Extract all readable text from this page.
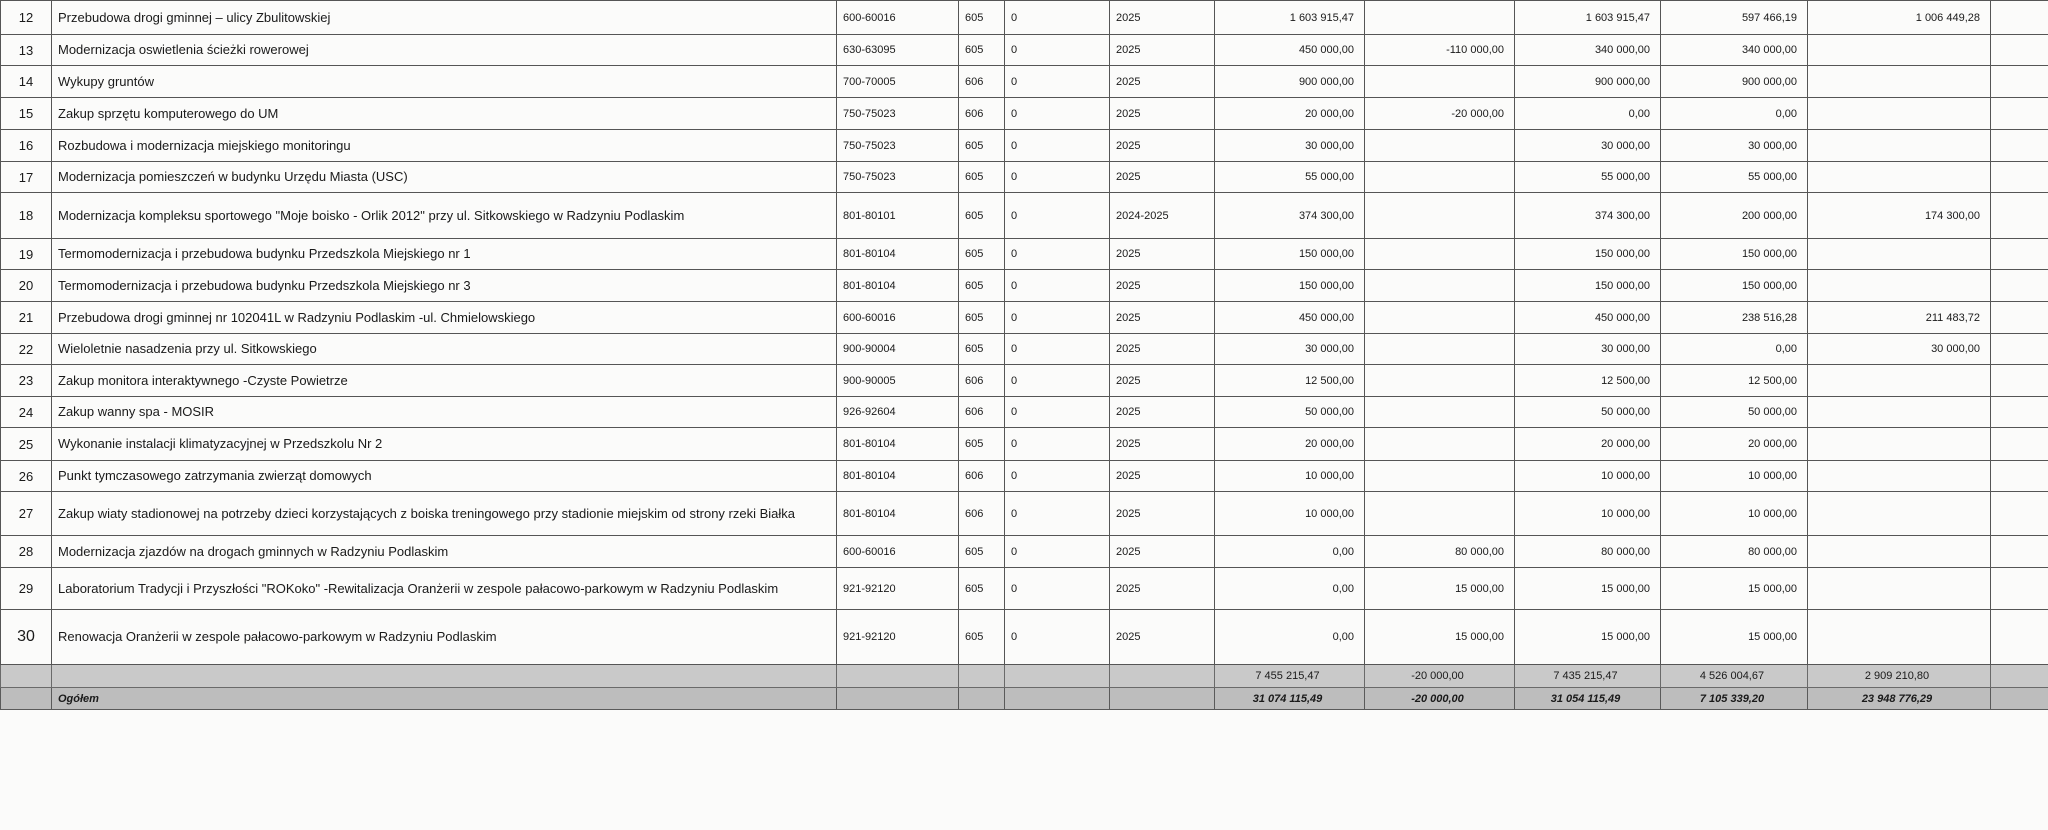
12	Przebudowa drogi gminnej – ulicy Zbulitowskiej	600-60016	605	0	2025	1 603 915,47		1 603 915,47	597 466,19	1 006 449,28	
13	Modernizacja oswietlenia ścieżki rowerowej	630-63095	605	0	2025	450 000,00	-110 000,00	340 000,00	340 000,00		
14	Wykupy gruntów	700-70005	606	0	2025	900 000,00		900 000,00	900 000,00		
15	Zakup sprzętu komputerowego do UM	750-75023	606	0	2025	20 000,00	-20 000,00	0,00	0,00		
16	Rozbudowa i modernizacja miejskiego monitoringu	750-75023	605	0	2025	30 000,00		30 000,00	30 000,00		
17	Modernizacja pomieszczeń w budynku Urzędu Miasta (USC)	750-75023	605	0	2025	55 000,00		55 000,00	55 000,00		
18	Modernizacja kompleksu sportowego "Moje boisko - Orlik 2012" przy ul. Sitkowskiego w Radzyniu Podlaskim	801-80101	605	0	2024-2025	374 300,00		374 300,00	200 000,00	174 300,00	
19	Termomodernizacja i przebudowa budynku Przedszkola Miejskiego nr 1	801-80104	605	0	2025	150 000,00		150 000,00	150 000,00		
20	Termomodernizacja i przebudowa budynku Przedszkola Miejskiego nr 3	801-80104	605	0	2025	150 000,00		150 000,00	150 000,00		
21	Przebudowa drogi gminnej nr 102041L w Radzyniu Podlaskim -ul. Chmielowskiego	600-60016	605	0	2025	450 000,00		450 000,00	238 516,28	211 483,72	
22	Wieloletnie nasadzenia przy ul. Sitkowskiego	900-90004	605	0	2025	30 000,00		30 000,00	0,00	30 000,00	
23	Zakup monitora interaktywnego -Czyste Powietrze	900-90005	606	0	2025	12 500,00		12 500,00	12 500,00		
24	Zakup wanny spa - MOSIR	926-92604	606	0	2025	50 000,00		50 000,00	50 000,00		
25	Wykonanie instalacji klimatyzacyjnej w Przedszkolu Nr 2	801-80104	605	0	2025	20 000,00		20 000,00	20 000,00		
26	Punkt tymczasowego zatrzymania zwierząt domowych	801-80104	606	0	2025	10 000,00		10 000,00	10 000,00		
27	Zakup wiaty stadionowej na potrzeby dzieci korzystających z boiska treningowego przy stadionie miejskim od strony rzeki Białka	801-80104	606	0	2025	10 000,00		10 000,00	10 000,00		
28	Modernizacja zjazdów na drogach gminnych w Radzyniu Podlaskim	600-60016	605	0	2025	0,00	80 000,00	80 000,00	80 000,00		
29	Laboratorium Tradycji i Przyszłości "ROKoko" -Rewitalizacja Oranżerii w zespole pałacowo-parkowym w Radzyniu Podlaskim	921-92120	605	0	2025	0,00	15 000,00	15 000,00	15 000,00		
30	Renowacja Oranżerii w zespole pałacowo-parkowym w Radzyniu Podlaskim	921-92120	605	0	2025	0,00	15 000,00	15 000,00	15 000,00		
						7 455 215,47	-20 000,00	7 435 215,47	4 526 004,67	2 909 210,80	
	Ogółem					31 074 115,49	-20 000,00	31 054 115,49	7 105 339,20	23 948 776,29	
